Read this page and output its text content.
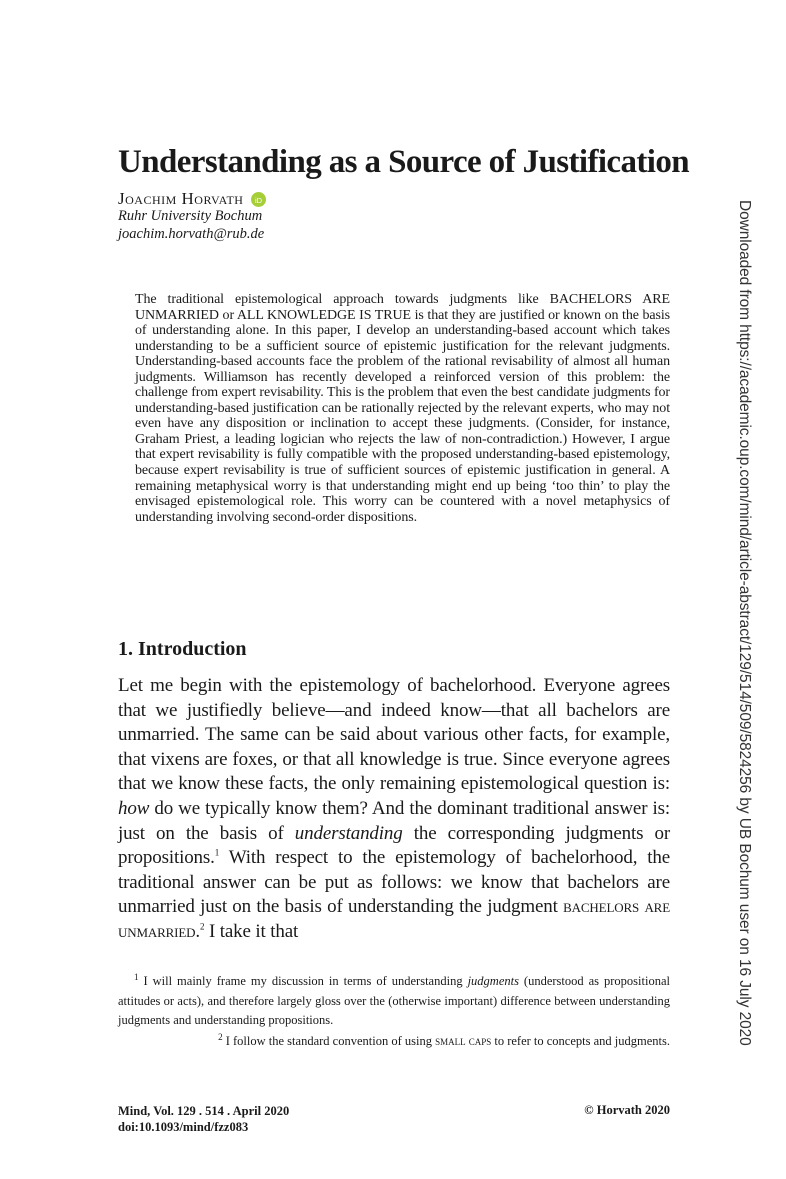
Understanding as a Source of Justification
Joachim Horvath iD
Ruhr University Bochum
joachim.horvath@rub.de

The traditional epistemological approach towards judgments like BACHELORS ARE UNMARRIED or ALL KNOWLEDGE IS TRUE is that they are justified or known on the basis of understanding alone. In this paper, I develop an understanding-based account which takes understanding to be a sufficient source of epistemic justification for the relevant judgments. Understanding-based accounts face the problem of the rational revisability of almost all human judgments. Williamson has recently developed a reinforced version of this problem: the challenge from expert revisability. This is the problem that even the best candidate judgments for understanding-based justification can be rationally rejected by the relevant experts, who may not even have any disposition or inclination to accept these judgments. (Consider, for instance, Graham Priest, a leading logician who rejects the law of non-contradiction.) However, I argue that expert revisability is fully compatible with the proposed understanding-based epistemology, because expert revisability is true of sufficient sources of epistemic justification in general. A remaining metaphysical worry is that understanding might end up being ‘too thin’ to play the envisaged epistemological role. This worry can be countered with a novel metaphysics of understanding involving second-order dispositions.

1. Introduction

Let me begin with the epistemology of bachelorhood. Everyone agrees that we justifiedly believe—and indeed know—that all bachelors are unmarried. The same can be said about various other facts, for example, that vixens are foxes, or that all knowledge is true. Since everyone agrees that we know these facts, the only remaining epistemological question is: how do we typically know them? And the dominant traditional answer is: just on the basis of understanding the corresponding judgments or propositions.$^1$ With respect to the epistemology of bachelorhood, the traditional answer can be put as follows: we know that bachelors are unmarried just on the basis of understanding the judgment bachelors are unmarried.$^2$ I take it that

$^1$ I will mainly frame my discussion in terms of understanding judgments (understood as propositional attitudes or acts), and therefore largely gloss over the (otherwise important) difference between understanding judgments and understanding propositions.

$^2$ I follow the standard convention of using small caps to refer to concepts and judgments.

Mind, Vol. 129 . 514 . April 2020
doi:10.1093/mind/fzz083
© Horvath 2020
Downloaded from https://academic.oup.com/mind/article-abstract/129/514/509/5824256 by UB Bochum user on 16 July 2020
